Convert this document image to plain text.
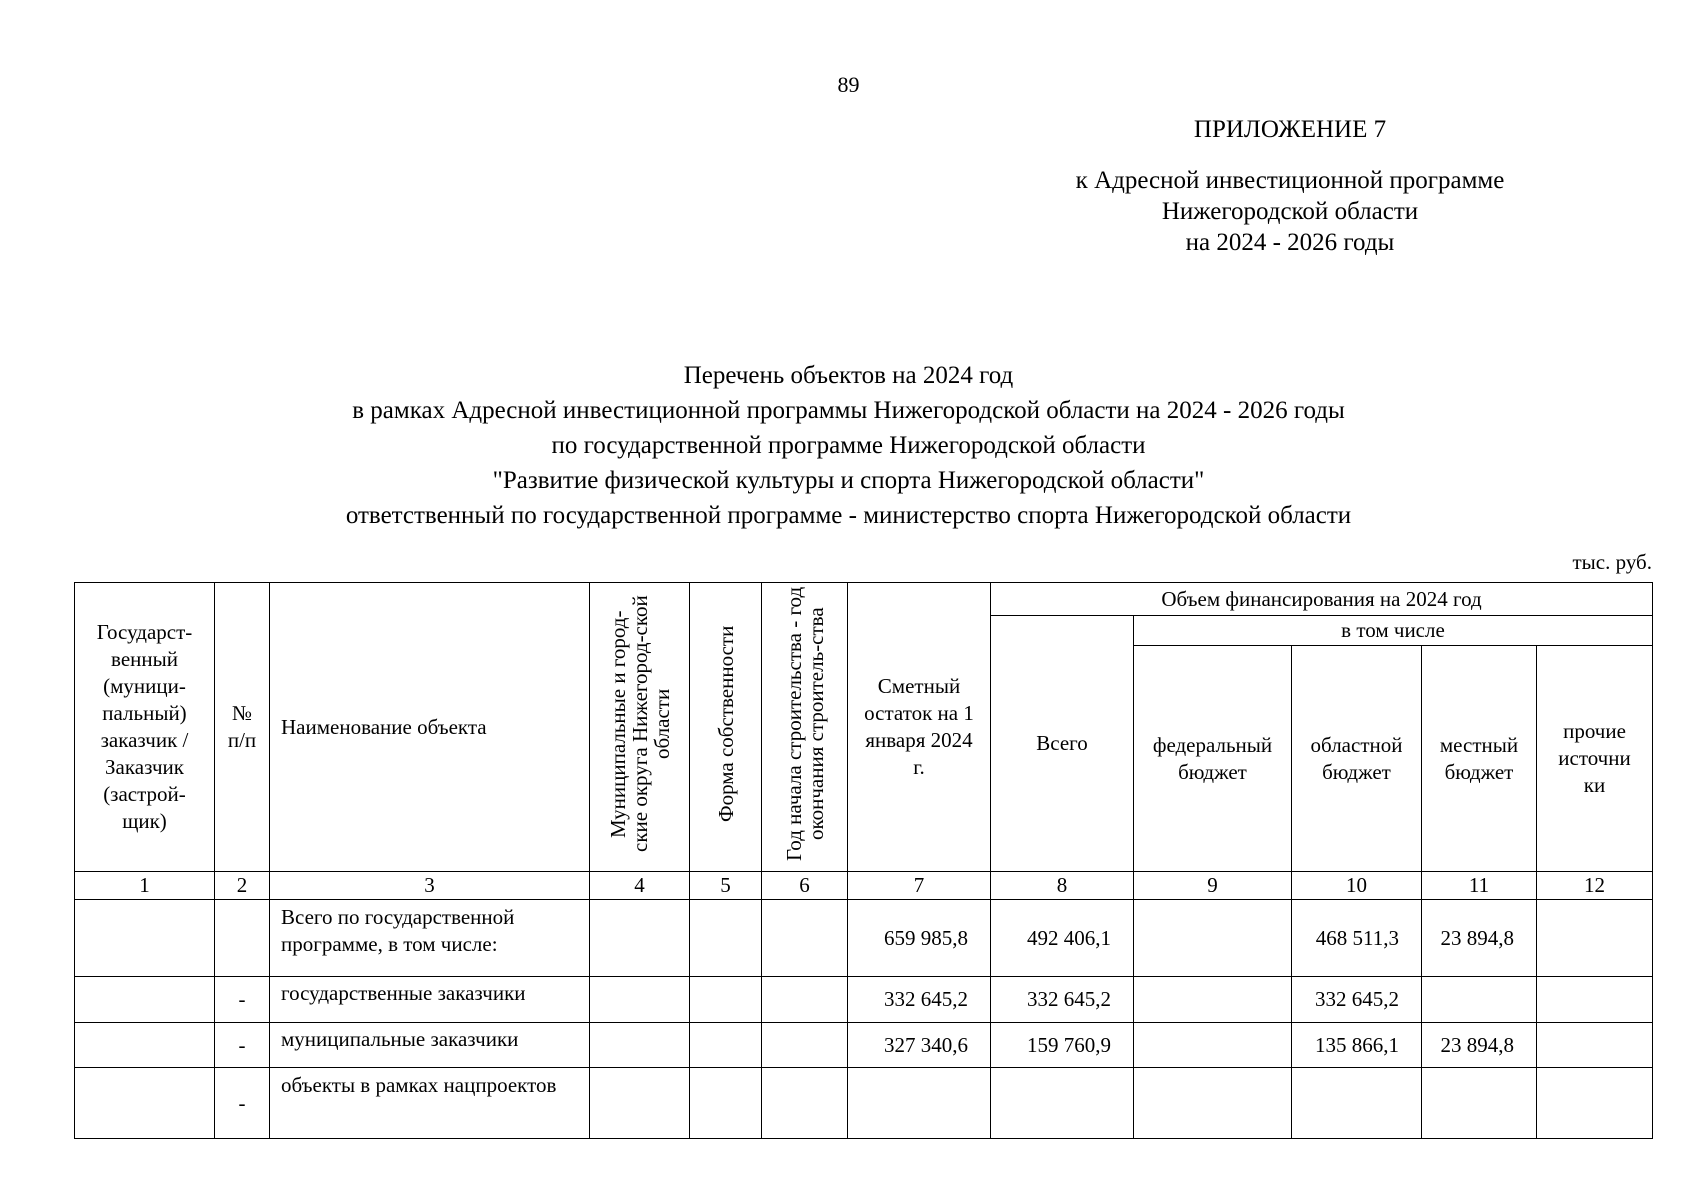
89
ПРИЛОЖЕНИЕ 7
к Адресной инвестиционной программе
Нижегородской области
на 2024 - 2026 годы
Перечень объектов на 2024 год
в рамках Адресной инвестиционной программы Нижегородской области на 2024 - 2026 годы
по государственной программе Нижегородской области
"Развитие физической культуры и спорта Нижегородской области"
ответственный по государственной программе - министерство спорта Нижегородской области
тыс. руб.
Государст-венный (муници-пальный) заказчик / Заказчик (застрой-щик)	№ п/п	Наименование объекта	Муниципальные и город-ские округа Нижегород-ской области	Форма собственности	Год начала строительства - год окончания строитель-ства	Сметный остаток на 1 января 2024 г.	Объем финансирования на 2024 год				

							Всего	в том числе			

								федеральный бюджет	областной бюджет	местный бюджет	прочие источни ки

1	2	3	4	5	6	7	8	9	10	11	12
		Всего по государственной программе, в том числе:				659 985,8	492 406,1		468 511,3	23 894,8	
	-	государственные заказчики				332 645,2	332 645,2		332 645,2		
	-	муниципальные заказчики				327 340,6	159 760,9		135 866,1	23 894,8	
	-	объекты в рамках нацпроектов									
